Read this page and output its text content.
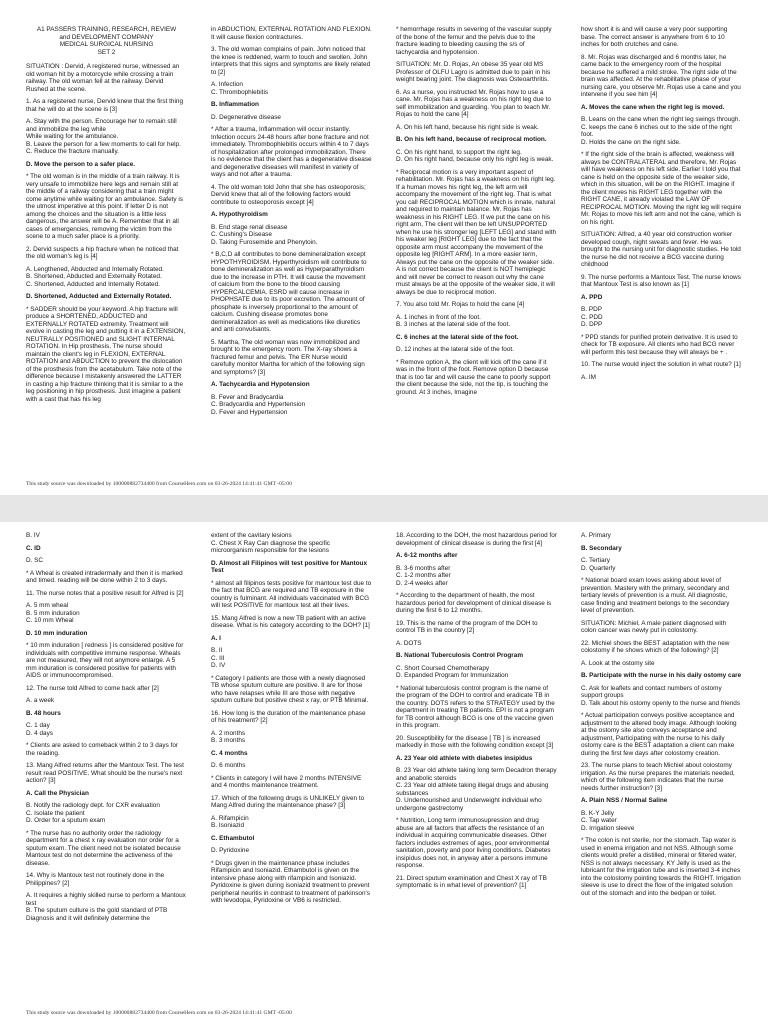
A1 PASSERS TRAINING, RESEARCH, REVIEW
and DEVELOPMENT COMPANY
MEDICAL SURGICAL NURSING
SET 2

SITUATION : Dervid, A registered nurse, witnessed an old woman hit by a motorcycle while crossing a train railway. The old woman fell at the railway. Dervid Rushed at the scene.

1. As a registered nurse, Dervid knew that the first thing that he will do at the scene is [3]

A. Stay with the person. Encourage her to remain still and immobilize the leg while
While waiting for the ambulance.
B. Leave the person for a few moments to call for help.
C. Reduce the fracture manually.

D. Move the person to a safer place.

* The old woman is in the middle of a train railway. It is very unsafe to immobilize here legs and remain still at the middle of a railway considering that a train might come anytime while waiting for an ambulance. Safety is the utmost imperative at this point. If letter D is not among the choices and the situation is a little less dangerous, the answer will be A. Remember that in all cases of emergencies, removing the victim from the scene to a much safer place is a priority.

2. Dervid suspects a hip fracture when he noticed that the old woman's leg is [4]

A. Lengthened, Abducted and Internally Rotated.
B. Shortened, Abducted and Externally Rotated.
C. Shortened, Adducted and Internally Rotated.

D. Shortened, Adducted and Externally Rotated.

* SADDER should be your keyword. A hip fracture will produce a SHORTENED, ADDUCTED and EXTERNALLY ROTATED extremity. Treatment will evolve in casting the leg and putting it in a EXTENSION, NEUTRALLY POSITIONED and SLIGHT INTERNAL ROTATION. In Hip prosthesis, The nurse should maintain the client's leg in FLEXION, EXTERNAL ROTATION and ABDUCTION to prevent the dislocation of the prosthesis from the acetabulum. Take note of the difference because I mistakenly answered the LATTER in casting a hip fracture thinking that it is similar to a the leg positioning in hip prosthesis. Just imagine a patient with a cast that has his leg

in ABDUCTION, EXTERNAL ROTATION AND FLEXION. It will cause flexion contractures.

3. The old woman complains of pain. John noticed that the knee is reddened, warm to touch and swollen. John interprets that this signs and symptoms are likely related to [2]

A. Infection
C. Thrombophlebitis

B. Inflammation

D. Degenerative disease

* After a trauma, Inflammation will occur instantly. Infection occurs 24-48 hours after bone fracture and not immediately. Thrombophlebitis occurs within 4 to 7 days of hospitalization after prolonged immobilization. There is no evidence that the client has a degenerative disease and degenerative diseases will manifest in variety of ways and not after a trauma.

4. The old woman told John that she has osteoporosis; Dervid knew that all of the following factors would contribute to osteoporosis except [4]

A. Hypothyroidism

B. End stage renal disease
C. Cushing's Disease
D. Taking Furosemide and Phenytoin.

* B,C,D all contributes to bone demineralization except HYPOTHYROIDISM. Hyperthyroidism will contribute to bone demineralization as well as Hyperparathyroidism due to the increase in PTH. It will cause the movement of calcium from the bone to the blood causing HYPERCALCEMIA. ESRD will cause increase in PHOPHSATE due to its poor excretion. The amount of phosphate is inversely proportional to the amount of calcium. Cushing disease promotes bone demineralization as well as medications like diuretics and anti convulsants.

5. Martha, The old woman was now immobilized and brought to the emergency room. The X-ray shows a fractured femur and pelvis. The ER Nurse would carefully monitor Martha for which of the following sign and symptoms? [3]

A. Tachycardia and Hypotension

B. Fever and Bradycardia
C. Bradycardia and Hypertension
D. Fever and Hypertension

* hemorrhage results in severing of the vascular supply of the bone of the femur and the pelvis due to the fracture leading to bleeding causing the s/s of tachycardia and hypotension.

SITUATION: Mr. D. Rojas, An obese 35 year old MS Professor of OLFU Lagro is admitted due to pain in his weight bearing joint. The diagnosis was Osteoarthritis.

6. As a nurse, you instructed Mr. Rojas how to use a cane. Mr. Rojas has a weakness on his right leg due to self immobilization and guarding. You plan to teach Mr. Rojas to hold the cane [4]

A. On his left hand, because his right side is weak.

B. On his left hand, because of reciprocal motion.

C. On his right hand, to support the right leg.
D. On his right hand, because only his right leg is weak.

* Reciprocal motion is a very important aspect of rehabilitation. Mr. Rojas has a weakness on his right leg. If a human moves his right leg, the left arm will accompany the movement of the right leg. That is what you call RECIPROCAL MOTION which is innate, natural and required to maintain balance. Mr. Rojas has weakness in his RIGHT LEG. If we put the cane on his right arm, The client will then be left UNSUPPORTED when he use his stronger leg [LEFT LEG] and stand with his weaker leg [RIGHT LEG] due to the fact that the opposite arm must accompany the movement of the opposite leg [RIGHT ARM]. In a more easier term, Always put the cane on the opposite of the weaker side. A is not correct because the client is NOT hemiplegic and will never be correct to reason out why the cane must always be at the opposite of the weaker side, it will always be due to reciprocal motion.

7. You also told Mr. Rojas to hold the cane [4]

A. 1 inches in front of the foot.
B. 3 inches at the lateral side of the foot.

C. 6 inches at the lateral side of the foot.

D. 12 inches at the lateral side of the foot.

* Remove option A, the client will kick off the cane if it was in the front of the foot. Remove option D because that is too far and will cause the cane to poorly support the client because the side, not the tip, is touching the ground. At 3 inches, Imagine

how short it is and will cause a very poor supporting base. The correct answer is anywhere from 6 to 10 inches for both crutches and cane.

8. Mr. Rojas was discharged and 6 months later, he came back to the emergency room of the hospital because he suffered a mild stroke. The right side of the brain was affected. At the rehabilitative phase of your nursing care, you observe Mr. Rojas use a cane and you intervene if you see him [4]

A. Moves the cane when the right leg is moved.

B. Leans on the cane when the right leg swings through.
C. keeps the cane 6 inches out to the side of the right foot.
D. Holds the cane on the right side.

* If the right side of the brain is affected, weakness will always be CONTRALATERAL and therefore, Mr. Rojas will have weakness on his left side. Earlier I told you that cane is held on the opposite side of the weaker side, which in this situation, will be on the RIGHT. Imagine if the client moves his RIGHT LEG together with the RIGHT CANE, it already violated the LAW OF RECIPROCAL MOTION. Moving the right leg will require Mr. Rojas to move his left arm and not the cane, which is on his right.

SITUATION: Alfred, a 40 year old construction worker developed cough, night sweats and fever. He was brought to the nursing unit for diagnostic studies. He told the nurse he did not receive a BCG vaccine during childhood

9. The nurse performs a Mantoux Test. The nurse knows that Mantoux Test is also known as [1]

A. PPD

B. PDP
C. PDD
D. DPP

* PPD stands for purified protein derivative. It is used to check for TB exposure. All clients who had BCG never will perform this test because they will always be + .

10. The nurse would inject the solution in what route? [1]

A. IM

This study source was downloaded by 100000882734400 from CourseHero.com on 03-26-2024 14:41:41 GMT -05:00

B. IV

C. ID

D. SC

* A Wheal is created intradermally and then it is marked and timed. reading will be done within 2 to 3 days.

11. The nurse notes that a positive result for Alfred is [2]

A. 5 mm wheal
B. 5 mm induration
C. 10 mm Wheal

D. 10 mm induration

* 10 mm induration [ redness ] is considered positive for individuals with competitive immune response. Wheals are not measured, they will not anymore enlarge. A 5 mm induration is considered positive for patients with AIDS or immunocompromised.

12. The nurse told Alfred to come back after [2]

A. a week

B. 48 hours

C. 1 day
D. 4 days

* Clients are asked to comeback within 2 to 3 days for the reading.

13. Mang Alfred returns after the Mantoux Test. The test result read POSITIVE. What should be the nurse's next action? [3]

A. Call the Physician

B. Notify the radiology dept. for CXR evaluation
C. Isolate the patient
D. Order for a sputum exam

* The nurse has no authority order the radiology department for a chest x ray evaluation nor order for a sputum exam. The client need not be isolated because Mantoux test do not determine the activeness of the disease.

14. Why is Mantoux test not routinely done in the Philippines? [2]

A. It requires a highly skilled nurse to perform a Mantoux test
B. The sputum culture is the gold standard of PTB Diagnosis and it will definitely determine the

extent of the cavitary lesions
C. Chest X Ray Can diagnose the specific microorganism responsible for the lesions

D. Almost all Filipinos will test positive for Mantoux Test

* almost all filipinos tests positive for mantoux test due to the fact that BCG are required and TB exposure in the country is fulminant. All individuals vaccinated with BCG will test POSITIVE for mantoux test all their lives.

15. Mang Alfred is now a new TB patient with an active disease. What is his category according to the DOH? [1]

A. I

B. II
C. III
D. IV

* Category I patients are those with a newly diagnosed TB whose sputum culture are positive. II are for those who have relapses while III are those with negative sputum culture but positive chest x ray, or PTB Minimal.

16. How long is the duration of the maintenance phase of his treatment? [2]

A. 2 months
B. 3 months

C. 4 months

D. 6 months

* Clients in category I will have 2 months INTENSIVE and 4 months maintenance treatment.

17. Which of the following drugs is UNLIKELY given to Mang Alfred during the maintenance phase? [3]

A. Rifampicin
B. Isoniazid

C. Ethambutol

D. Pyridoxine

* Drugs given in the maintenance phase includes Rifampicin and Isoniazid. Ethambutol is given on the intensive phase along with rifampicin and Isoniazid. Pyridoxine is given during isoniazid treatment to prevent peripheral neuritis in contrast to treatment of parkinson's with levodopa, Pyridoxine or VB6 is restricted.

18. According to the DOH, the most hazardous period for development of clinical disease is during the first [4]

A. 6-12 months after

B. 3-6 months after
C. 1-2 months after
D. 2-4 weeks after

* According to the department of health, the most hazardous period for development of clinical disease is during the first 6 to 12 months.

19. This is the name of the program of the DOH to control TB in the country [2]

A. DOTS

B. National Tuberculosis Control Program

C. Short Coursed Chemotherapy
D. Expanded Program for Immunization

* National tuberculosis control program is the name of the program of the DOH to control and eradicate TB in the country. DOTS refers to the STRATEGY used by the department in treating TB patients. EPI is not a program for TB control although BCG is one of the vaccine given in this program.

20. Susceptibility for the disease [ TB ] is increased markedly in those with the following condition except [3]

A. 23 Year old athlete with diabetes insipidus

B. 23 Year old athlete taking long term Decadron therapy and anabolic steroids
C. 23 Year old athlete taking illegal drugs and abusing substances
D. Undernourished and Underweight individual who undergone gastrectomy

* Nutrition, Long term immunosupression and drug abuse are all factors that affects the resistance of an individual in acquiring communicable diseases. Other factors includes extremes of ages, poor environmental sanitation, poverty and poor living conditions. Diabetes insipidus does not, in anyway alter a persons immune response.

21. Direct sputum examination and Chest X ray of TB symptomatic is in what level of prevention? [1]

A. Primary

B. Secondary

C. Tertiary
D. Quarterly

* National board exam loves asking about level of prevention. Mastery with the primary, secondary and tertiary levels of prevention is a must. All diagnostic, case finding and treatment belongs to the secondary level of prevention.

SITUATION: Michiel, A male patient diagnosed with colon cancer was newly put in colostomy.

22. Michiel shows the BEST adaptation with the new colostomy if he shows which of the following? [2]

A. Look at the ostomy site

B. Participate with the nurse in his daily ostomy care

C. Ask for leaflets and contact numbers of ostomy support groups
D. Talk about his ostomy openly to the nurse and friends

* Actual participation conveys positive acceptance and adjustment to the altered body image. Although looking at the ostomy site also conveys acceptance and adjustment, Participating with the nurse to his daily ostomy care is the BEST adaptation a client can make during the first few days after colostomy creation.

23. The nurse plans to teach Michiel about colostomy irrigation. As the nurse prepares the materials needed, which of the following item indicates that the nurse needs further instruction? [3]

A. Plain NSS / Normal Saline

B. K-Y Jelly
C. Tap water
D. Irrigation sleeve

* The colon is not sterile, nor the stomach. Tap water is used in enema irrigation and not NSS. Although some clients would prefer a distilled, mineral or filtered water, NSS is not always necessary. KY Jelly is used as the lubricant for the irrigation tube and is inserted 3-4 inches into the colostomy pointing towards the RIGHT. Irrigation sleeve is use to direct the flow of the irrigated solution out of the stomach and into the bedpan or toilet.

This study source was downloaded by 100000882734400 from CourseHero.com on 03-26-2024 14:41:41 GMT -05:00
